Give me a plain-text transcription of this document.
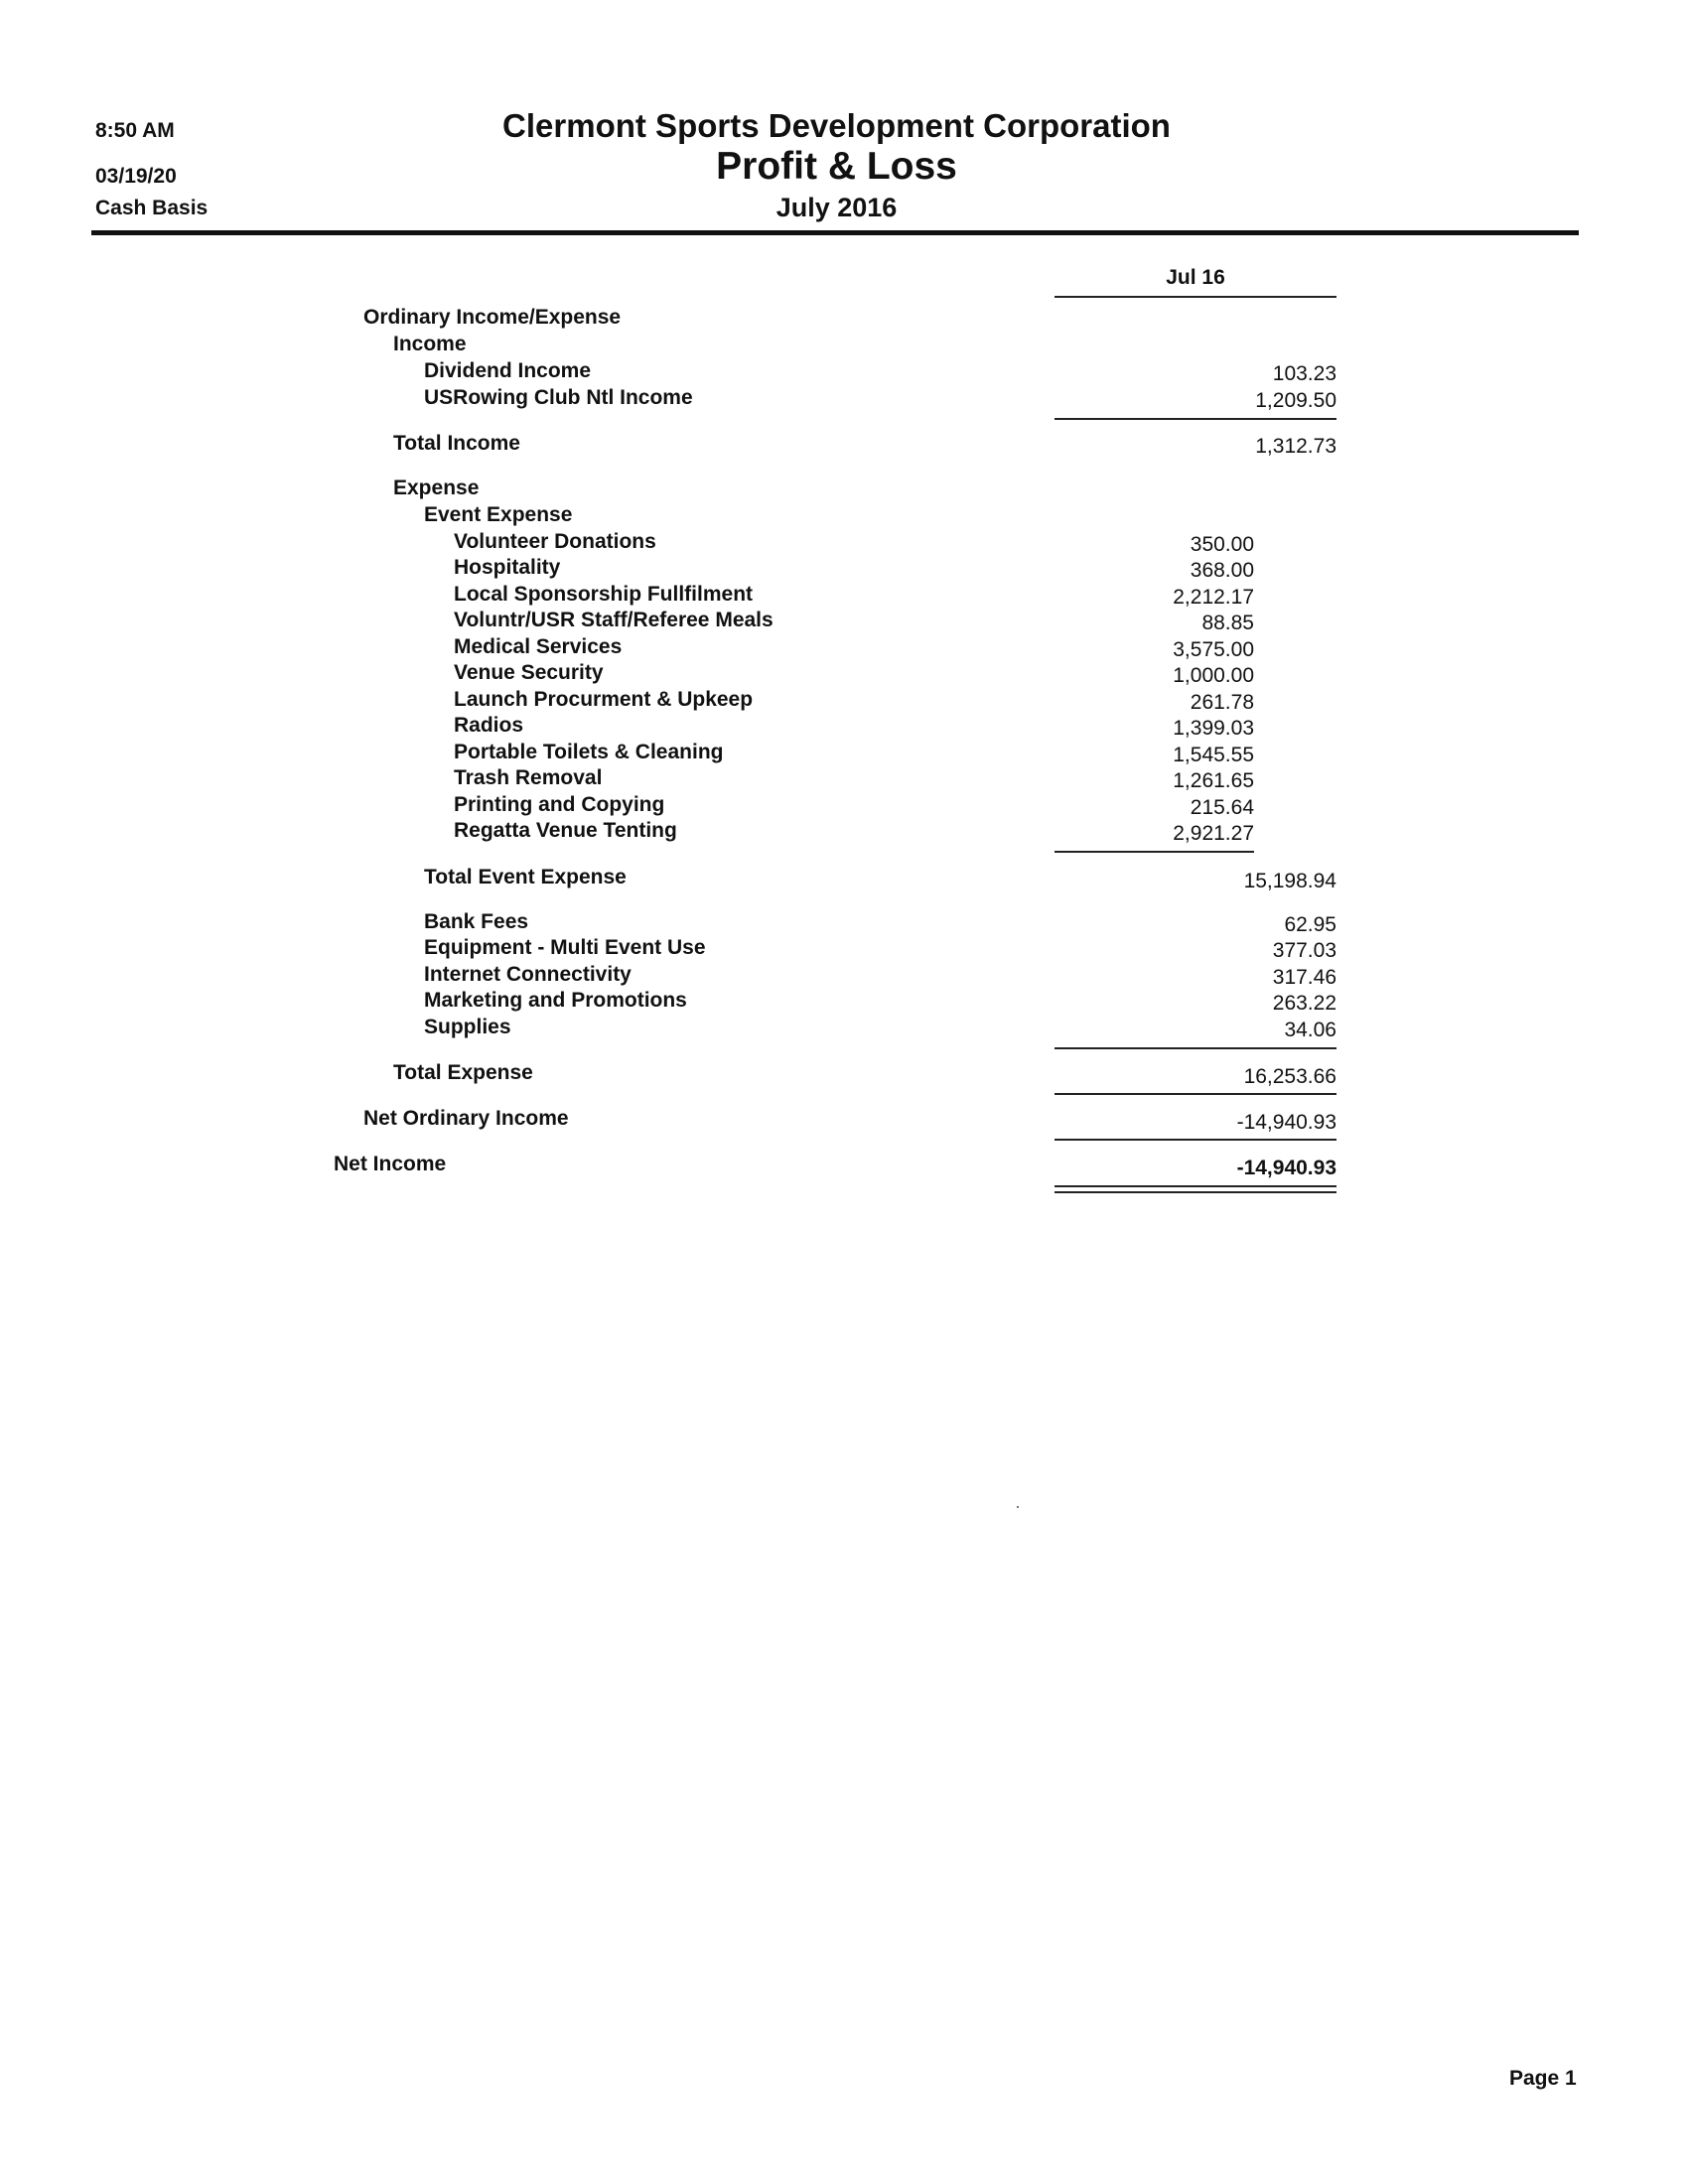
8:50 AM
03/19/20
Cash Basis
Clermont Sports Development Corporation
Profit & Loss
July 2016
Jul 16
Ordinary Income/Expense
Income
Dividend Income	103.23
USRowing Club Ntl Income	1,209.50
Total Income	1,312.73
Expense
Event Expense
Volunteer Donations	350.00
Hospitality	368.00
Local Sponsorship Fullfilment	2,212.17
Voluntr/USR Staff/Referee Meals	88.85
Medical Services	3,575.00
Venue Security	1,000.00
Launch Procurment & Upkeep	261.78
Radios	1,399.03
Portable Toilets & Cleaning	1,545.55
Trash Removal	1,261.65
Printing and Copying	215.64
Regatta Venue Tenting	2,921.27
Total Event Expense	15,198.94
Bank Fees	62.95
Equipment - Multi Event Use	377.03
Internet Connectivity	317.46
Marketing and Promotions	263.22
Supplies	34.06
Total Expense	16,253.66
Net Ordinary Income	-14,940.93
Net Income	-14,940.93
Page 1
